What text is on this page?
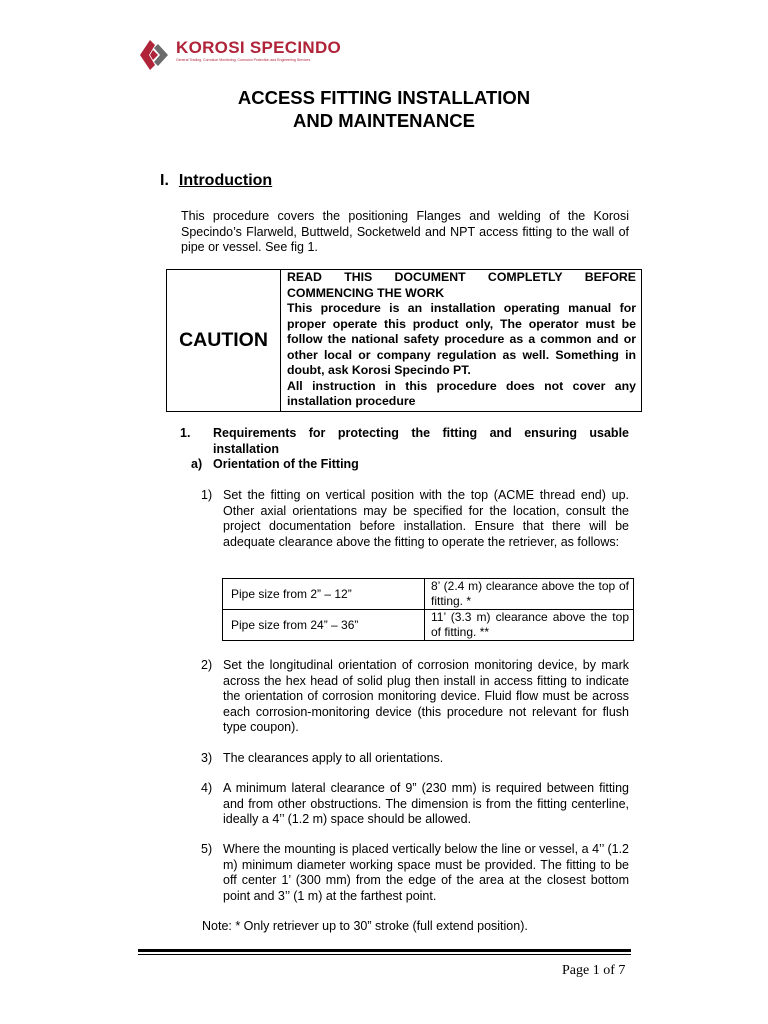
KOROSI SPECINDO
General Trading, Corrosion Monitoring, Corrosion Protection and Engineering Services
ACCESS FITTING INSTALLATION
AND MAINTENANCE
I. Introduction

This procedure covers the positioning Flanges and welding of the Korosi Specindo’s Flarweld, Buttweld, Socketweld and NPT access fitting to the wall of pipe or vessel. See fig 1.

CAUTION	
READ THIS DOCUMENT COMPLETLY BEFORE COMMENCING THE WORK
This procedure is an installation operating manual for proper operate this product only, The operator must be follow the national safety procedure as a common and or other local or company regulation as well. Something in doubt, ask Korosi Specindo PT.
All instruction in this procedure does not cover any installation procedure
1. Requirements for protecting the fitting and ensuring usable installation

a) Orientation of the Fitting
1) Set the fitting on vertical position with the top (ACME thread end) up. Other axial orientations may be specified for the location, consult the project documentation before installation. Ensure that there will be adequate clearance above the fitting to operate the retriever, as follows:

Pipe size from 2” – 12”	8’ (2.4 m) clearance above the top of fitting. *
Pipe size from 24” – 36”	11’ (3.3 m) clearance above the top of fitting. **
2) Set the longitudinal orientation of corrosion monitoring device, by mark across the hex head of solid plug then install in access fitting to indicate the orientation of corrosion monitoring device. Fluid flow must be across each corrosion-monitoring device (this procedure not relevant for flush type coupon).

3) The clearances apply to all orientations.

4) A minimum lateral clearance of 9” (230 mm) is required between fitting and from other obstructions. The dimension is from the fitting centerline, ideally a 4’’ (1.2 m) space should be allowed.

5) Where the mounting is placed vertically below the line or vessel, a 4’’ (1.2 m) minimum diameter working space must be provided. The fitting to be off center 1’ (300 mm) from the edge of the area at the closest bottom point and 3’’ (1 m) at the farthest point.

Note: * Only retriever up to 30” stroke (full extend position).
Page 1 of 7
